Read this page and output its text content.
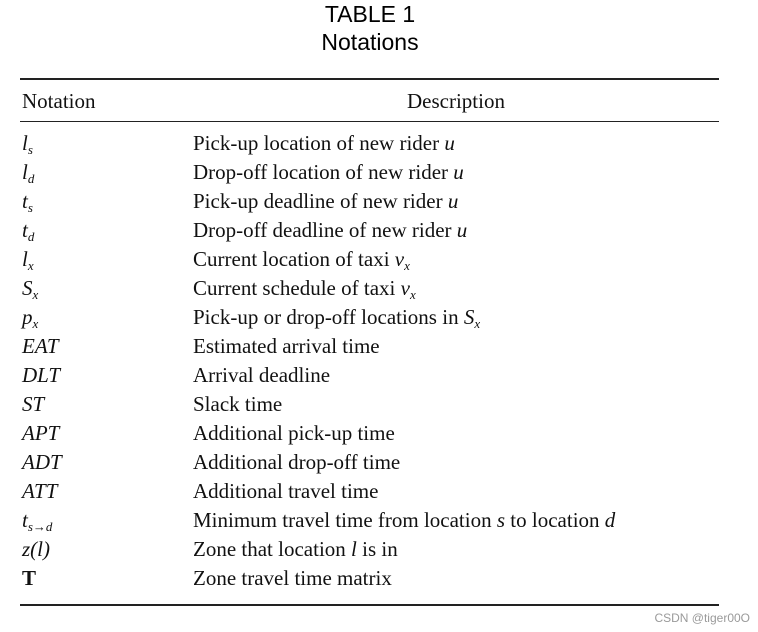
TABLE 1
Notations
Notation	Description
$l_s$	Pick-up location of new rider u
$l_d$	Drop-off location of new rider u
$t_s$	Pick-up deadline of new rider u
$t_d$	Drop-off deadline of new rider u
$l_x$	Current location of taxi $v_x$
$S_x$	Current schedule of taxi $v_x$
$p_x$	Pick-up or drop-off locations in $S_x$
EAT	Estimated arrival time
DLT	Arrival deadline
ST	Slack time
APT	Additional pick-up time
ADT	Additional drop-off time
ATT	Additional travel time
$t_{s\to d}$	Minimum travel time from location s to location d
z(l)	Zone that location l is in
T	Zone travel time matrix
CSDN @tiger00O
